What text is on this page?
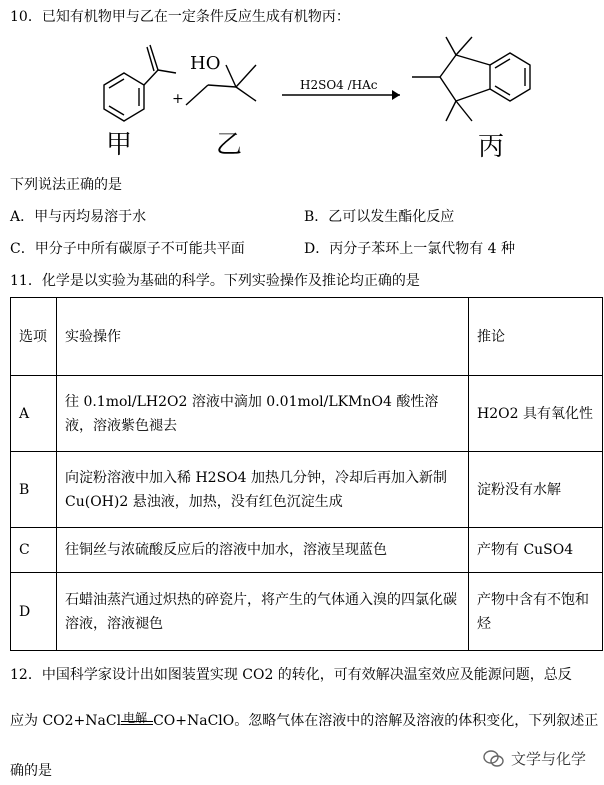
10．已知有机物甲与乙在一定条件反应生成有机物丙：
+
HO
H2SO4 /HAc
甲	乙	丙
下列说法正确的是
A．甲与丙均易溶于水	B．乙可以发生酯化反应
C．甲分子中所有碳原子不可能共平面	D．丙分子苯环上一氯代物有 4 种
11．化学是以实验为基础的科学。下列实验操作及推论均正确的是
选项	实验操作	推论
A	往 0.1mol/LH2O2 溶液中滴加 0.01mol/LKMnO4 酸性溶液，溶液紫色褪去	H2O2 具有氧化性
B	向淀粉溶液中加入稀 H2SO4 加热几分钟，冷却后再加入新制 Cu(OH)2 悬浊液，加热，没有红色沉淀生成	淀粉没有水解
C	往铜丝与浓硫酸反应后的溶液中加水，溶液呈现蓝色	产物有 CuSO4
D	石蜡油蒸汽通过炽热的碎瓷片，将产生的气体通入溴的四氯化碳溶液，溶液褪色	产物中含有不饱和烃
12．中国科学家设计出如图装置实现 CO2 的转化，可有效解决温室效应及能源问题，总反
应为 CO2+NaCl 电解 CO+NaClO。忽略气体在溶液中的溶解及溶液的体积变化，下列叙述正
确的是
文学与化学
